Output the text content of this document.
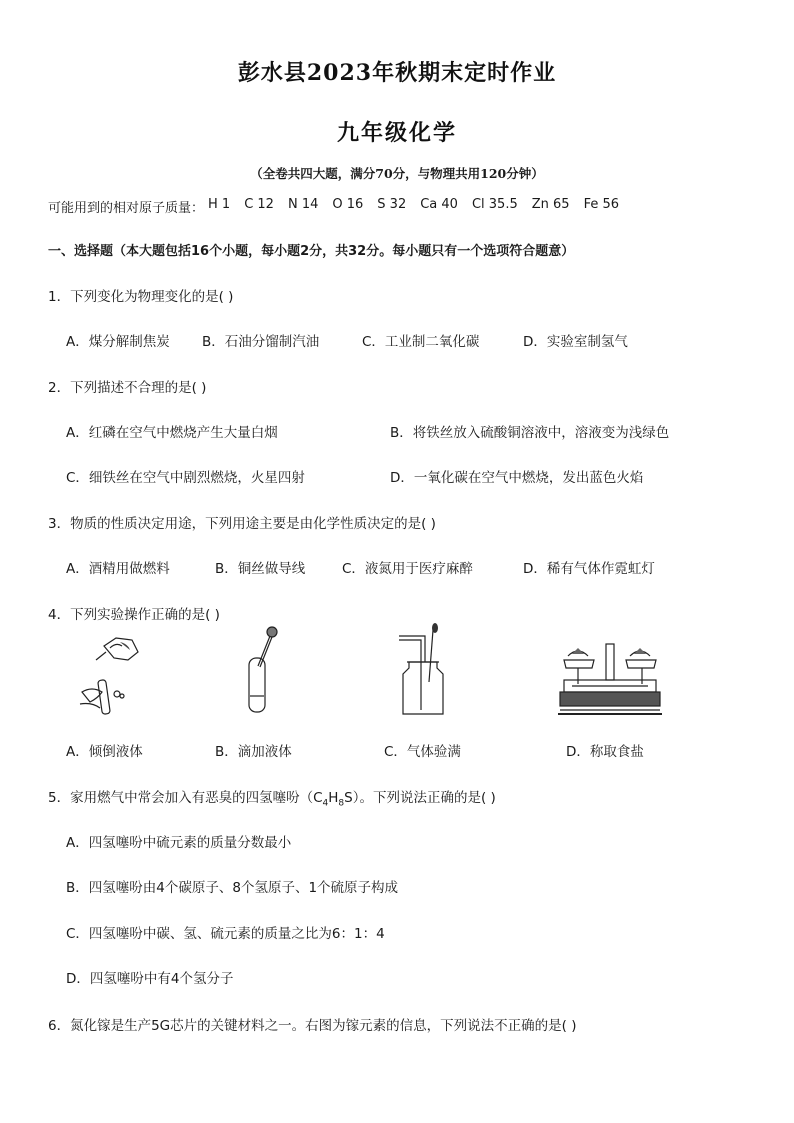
彭水县2023年秋期末定时作业
九年级化学
（全卷共四大题，满分70分，与物理共用120分钟）
可能用到的相对原子质量： H 1 C 12 N 14 O 16 S 32 Ca 40 Cl 35.5 Zn 65 Fe 56
一、选择题（本大题包括16个小题，每小题2分，共32分。每小题只有一个选项符合题意）
1．下列变化为物理变化的是( )
A．煤分解制焦炭 B．石油分馏制汽油	C．工业制二氧化碳	D．实验室制氢气
2．下列描述不合理的是( )
A．红磷在空气中燃烧产生大量白烟	B．将铁丝放入硫酸铜溶液中，溶液变为浅绿色
C．细铁丝在空气中剧烈燃烧，火星四射	D．一氧化碳在空气中燃烧，发出蓝色火焰
3．物质的性质决定用途，下列用途主要是由化学性质决定的是( )
A．酒精用做燃料	B．铜丝做导线	C．液氮用于医疗麻醉	D．稀有气体作霓虹灯
4．下列实验操作正确的是( )
A．倾倒液体	B．滴加液体	C．气体验满	D．称取食盐
5．家用燃气中常会加入有恶臭的四氢噻吩$(C_4H_8S)$。下列说法正确的是( )
A．四氢噻吩中硫元素的质量分数最小
B．四氢噻吩由4个碳原子、8个氢原子、1个硫原子构成
C．四氢噻吩中碳、氢、硫元素的质量之比为6：1：4
D．四氢噻吩中有4个氢分子
6．氮化镓是生产5G芯片的关键材料之一。右图为镓元素的信息，下列说法不正确的是( )
